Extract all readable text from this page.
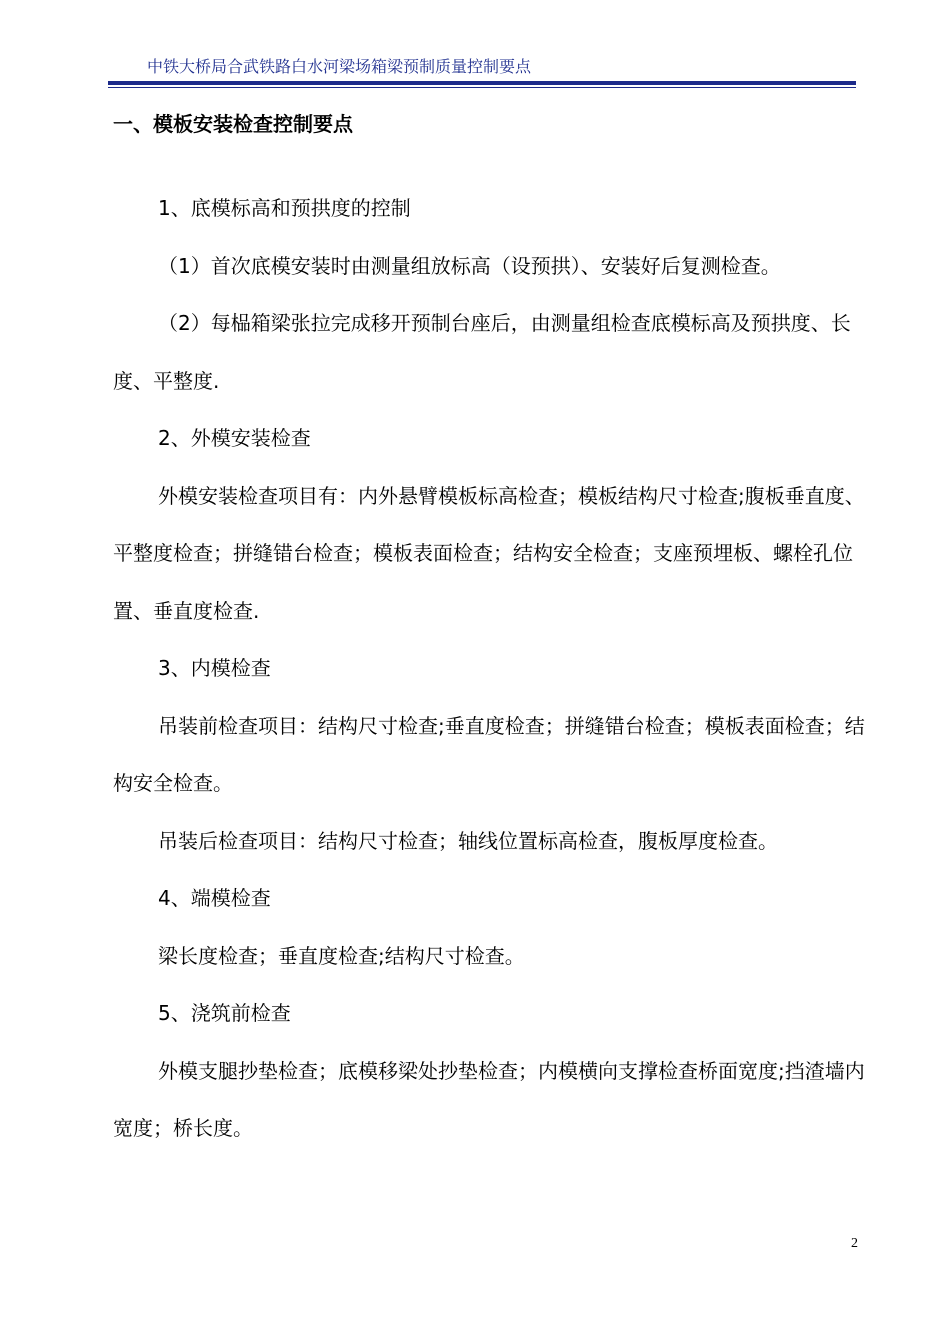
中铁大桥局合武铁路白水河梁场箱梁预制质量控制要点
一、模板安装检查控制要点

1、底模标高和预拱度的控制

（1）首次底模安装时由测量组放标高（设预拱）、安装好后复测检查。

（2）每榀箱梁张拉完成移开预制台座后，由测量组检查底模标高及预拱度、长度、平整度.

2、外模安装检查

外模安装检查项目有：内外悬臂模板标高检查；模板结构尺寸检查;腹板垂直度、平整度检查；拼缝错台检查；模板表面检查；结构安全检查；支座预埋板、螺栓孔位置、垂直度检查.

3、内模检查

吊装前检查项目：结构尺寸检查;垂直度检查；拼缝错台检查；模板表面检查；结构安全检查。

吊装后检查项目：结构尺寸检查；轴线位置标高检查，腹板厚度检查。

4、端模检查

梁长度检查；垂直度检查;结构尺寸检查。

5、浇筑前检查

外模支腿抄垫检查；底模移梁处抄垫检查；内模横向支撑检查桥面宽度;挡渣墙内宽度；桥长度。

2
